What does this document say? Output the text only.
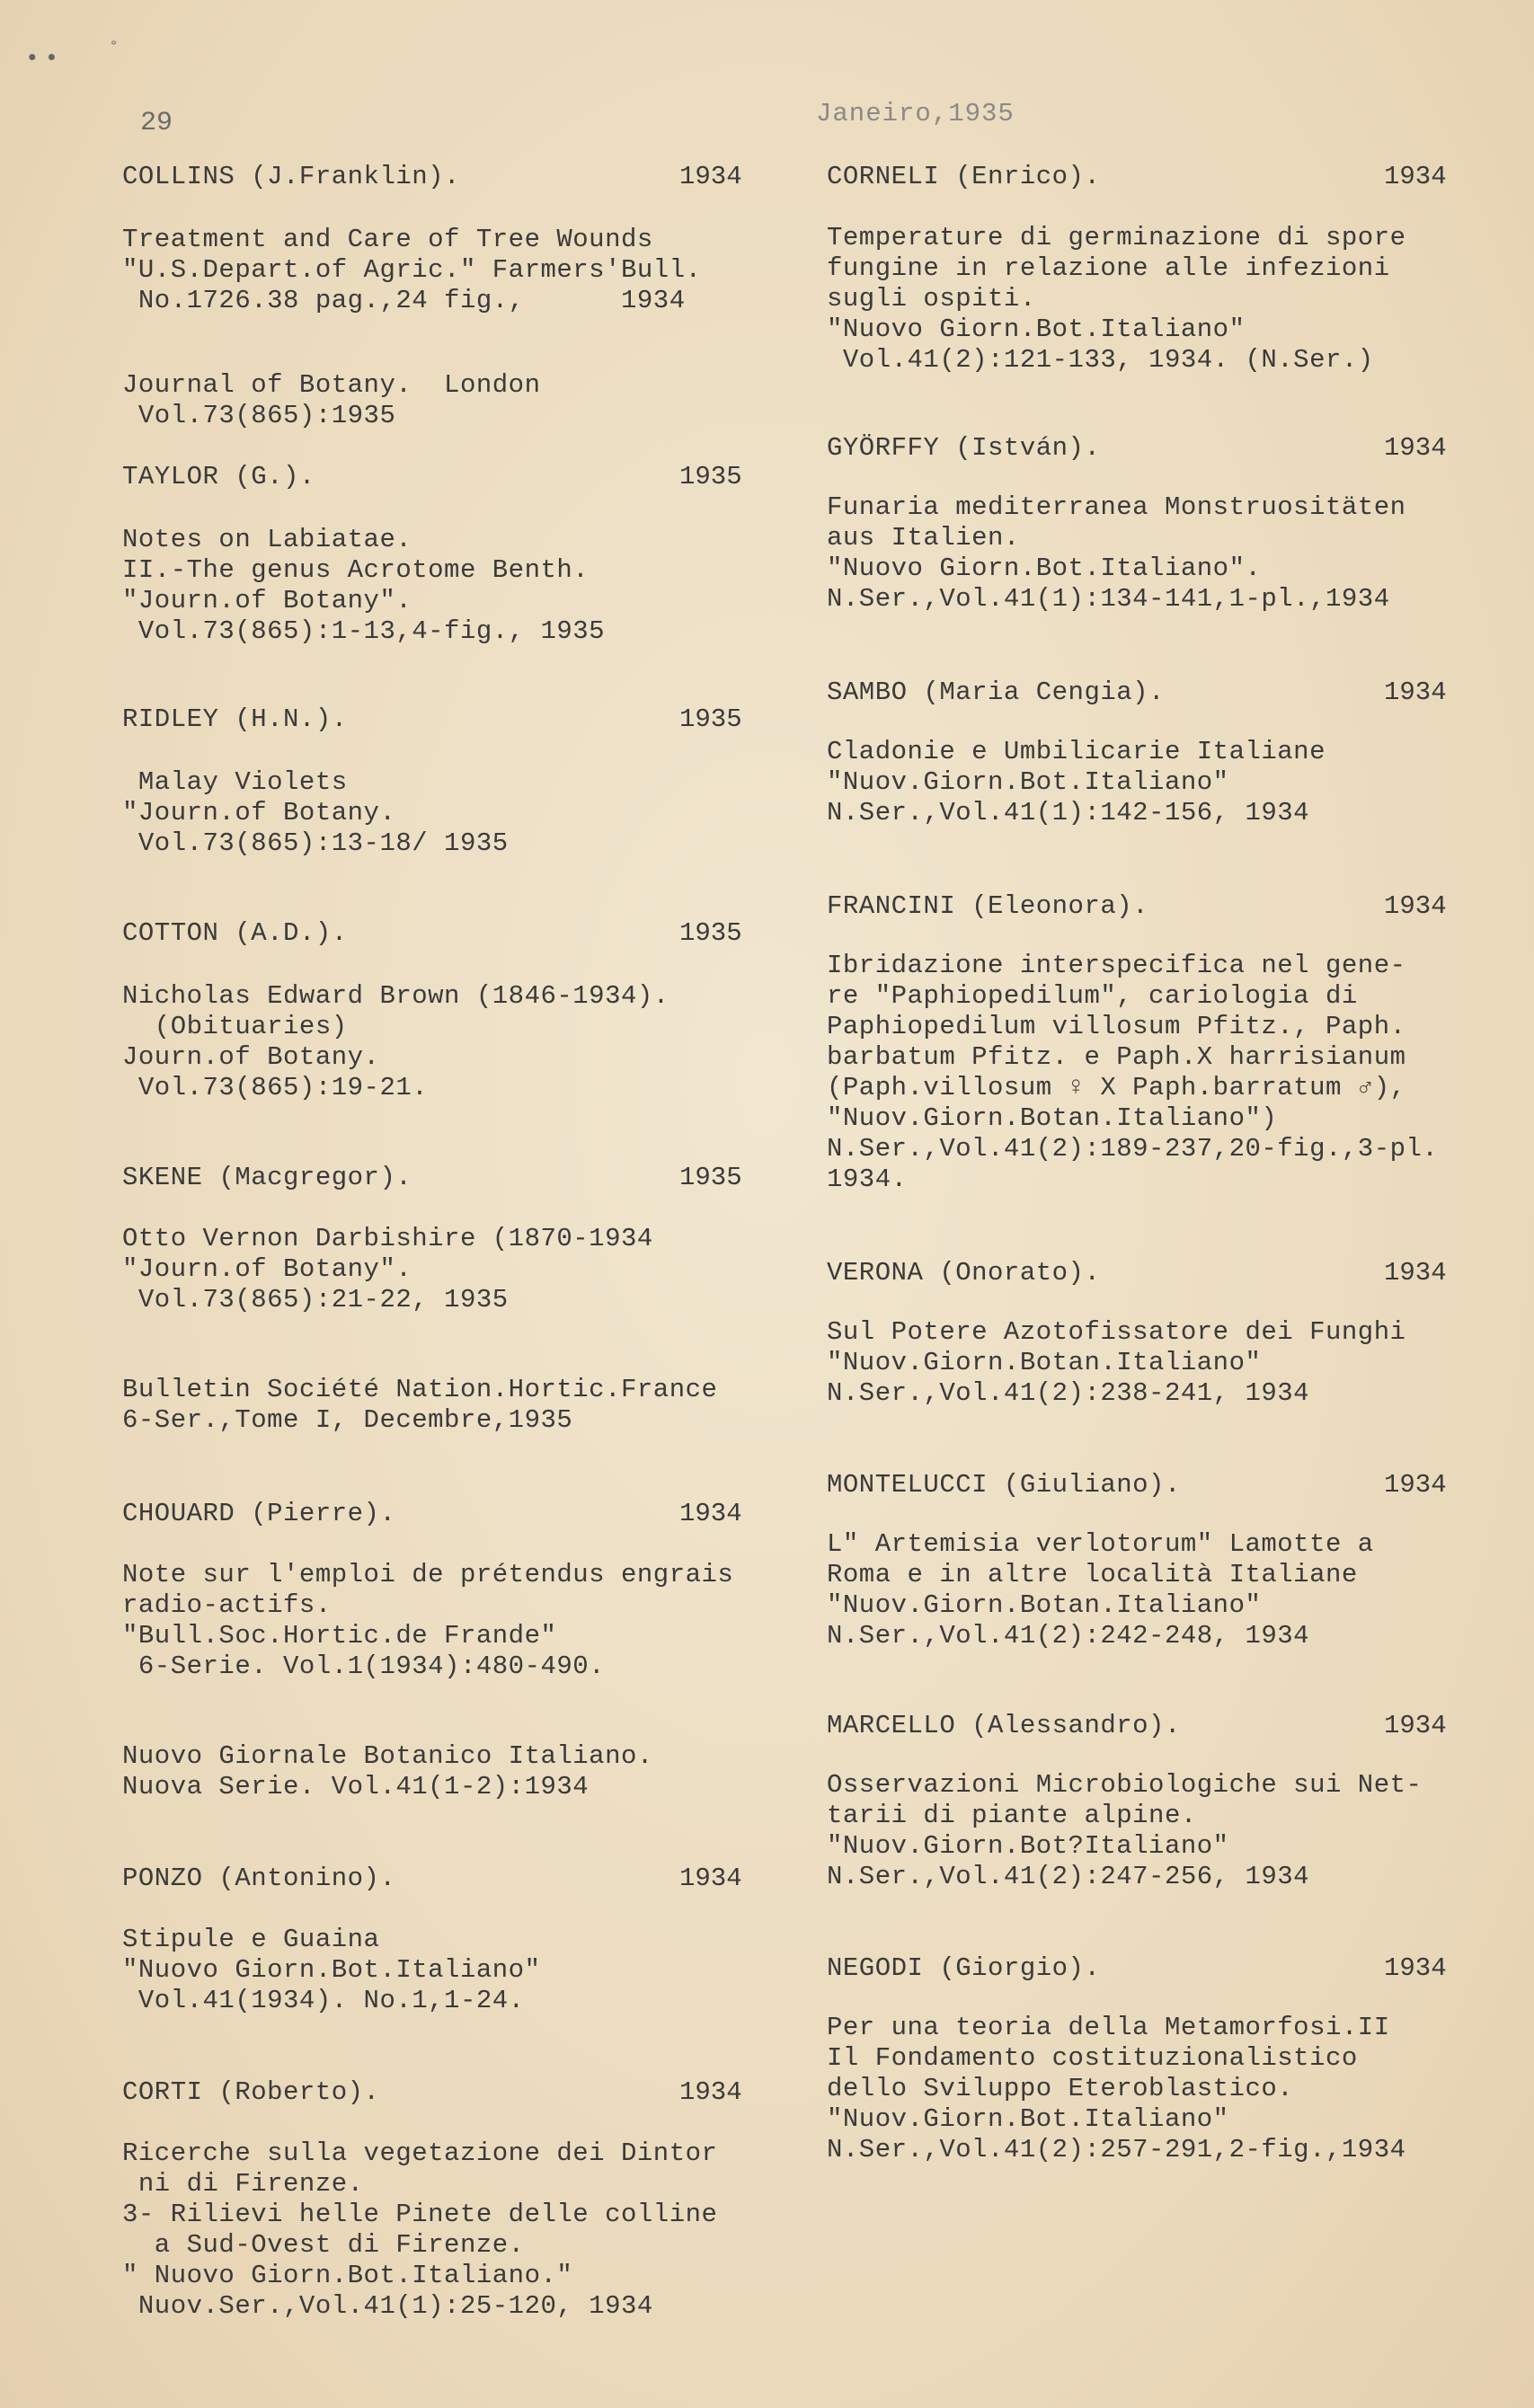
•• ˚
29	Janeiro,1935
COLLINS (J.Franklin).	1934
Treatment and Care of Tree Wounds
"U.S.Depart.of Agric." Farmers'Bull.
No.1726.38 pag.,24 fig.,      1934
Journal of Botany.  London
Vol.73(865):1935
TAYLOR (G.).	1935
Notes on Labiatae.
II.-The genus Acrotome Benth.
"Journ.of Botany".
Vol.73(865):1-13,4-fig., 1935
RIDLEY (H.N.).	1935
Malay Violets
"Journ.of Botany.
Vol.73(865):13-18/ 1935
COTTON (A.D.).	1935
Nicholas Edward Brown (1846-1934).
(Obituaries)
Journ.of Botany.
Vol.73(865):19-21.
SKENE (Macgregor).	1935
Otto Vernon Darbishire (1870-1934
"Journ.of Botany".
Vol.73(865):21-22, 1935
Bulletin Société Nation.Hortic.France
6-Ser.,Tome I, Decembre,1935
CHOUARD (Pierre).	1934
Note sur l'emploi de prétendus engrais
radio-actifs.
"Bull.Soc.Hortic.de Frande"
6-Serie. Vol.1(1934):480-490.
Nuovo Giornale Botanico Italiano.
Nuova Serie. Vol.41(1-2):1934
PONZO (Antonino).	1934
Stipule e Guaina
"Nuovo Giorn.Bot.Italiano"
Vol.41(1934). No.1,1-24.
CORTI (Roberto).	1934
Ricerche sulla vegetazione dei Dintor
ni di Firenze.
3- Rilievi helle Pinete delle colline
a Sud-Ovest di Firenze.
" Nuovo Giorn.Bot.Italiano."
Nuov.Ser.,Vol.41(1):25-120, 1934
CORNELI (Enrico).	1934
Temperature di germinazione di spore
fungine in relazione alle infezioni
sugli ospiti.
"Nuovo Giorn.Bot.Italiano"
Vol.41(2):121-133, 1934. (N.Ser.)
GYÖRFFY (István).	1934
Funaria mediterranea Monstruositäten
aus Italien.
"Nuovo Giorn.Bot.Italiano".
N.Ser.,Vol.41(1):134-141,1-pl.,1934
SAMBO (Maria Cengia).	1934
Cladonie e Umbilicarie Italiane
"Nuov.Giorn.Bot.Italiano"
N.Ser.,Vol.41(1):142-156, 1934
FRANCINI (Eleonora).	1934
Ibridazione interspecifica nel gene-
re "Paphiopedilum", cariologia di
Paphiopedilum villosum Pfitz., Paph.
barbatum Pfitz. e Paph.X harrisianum
(Paph.villosum ♀ X Paph.barratum ♂),
"Nuov.Giorn.Botan.Italiano")
N.Ser.,Vol.41(2):189-237,20-fig.,3-pl.
1934.
VERONA (Onorato).	1934
Sul Potere Azotofissatore dei Funghi
"Nuov.Giorn.Botan.Italiano"
N.Ser.,Vol.41(2):238-241, 1934
MONTELUCCI (Giuliano).	1934
L" Artemisia verlotorum" Lamotte a
Roma e in altre località Italiane
"Nuov.Giorn.Botan.Italiano"
N.Ser.,Vol.41(2):242-248, 1934
MARCELLO (Alessandro).	1934
Osservazioni Microbiologiche sui Net-
tarii di piante alpine.
"Nuov.Giorn.Bot?Italiano"
N.Ser.,Vol.41(2):247-256, 1934
NEGODI (Giorgio).	1934
Per una teoria della Metamorfosi.II
Il Fondamento costituzionalistico
dello Sviluppo Eteroblastico.
"Nuov.Giorn.Bot.Italiano"
N.Ser.,Vol.41(2):257-291,2-fig.,1934
